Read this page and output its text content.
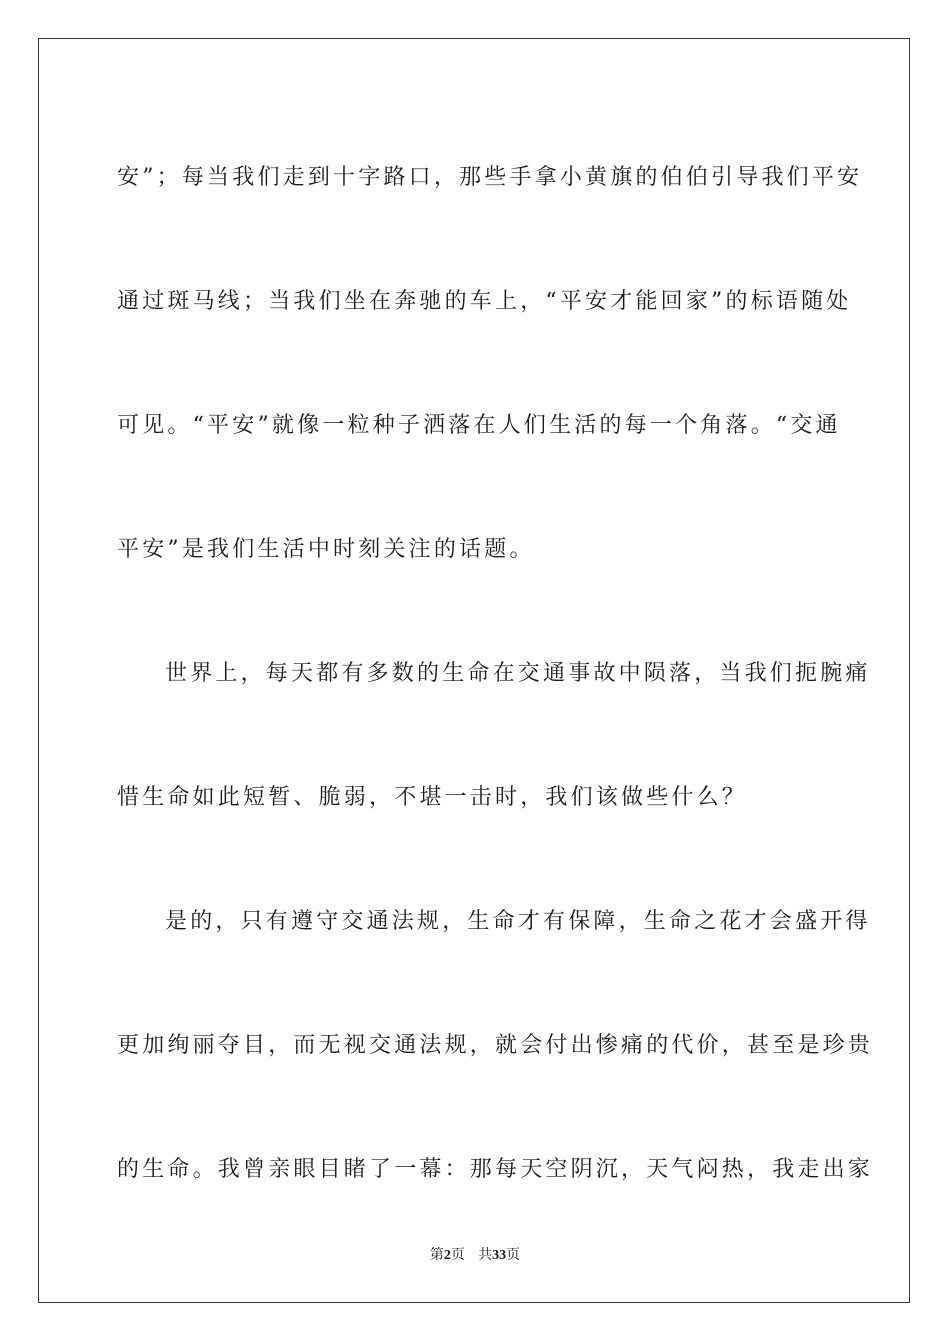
安”；每当我们走到十字路口，那些手拿小黄旗的伯伯引导我们平安

通过斑马线；当我们坐在奔驰的车上，“平安才能回家”的标语随处

可见。“平安”就像一粒种子洒落在人们生活的每一个角落。“交通

平安”是我们生活中时刻关注的话题。

世界上，每天都有多数的生命在交通事故中陨落，当我们扼腕痛

惜生命如此短暂、脆弱，不堪一击时，我们该做些什么？

是的，只有遵守交通法规，生命才有保障，生命之花才会盛开得

更加绚丽夺目，而无视交通法规，就会付出惨痛的代价，甚至是珍贵

的生命。我曾亲眼目睹了一幕：那每天空阴沉，天气闷热，我走出家

第2页 共33页
